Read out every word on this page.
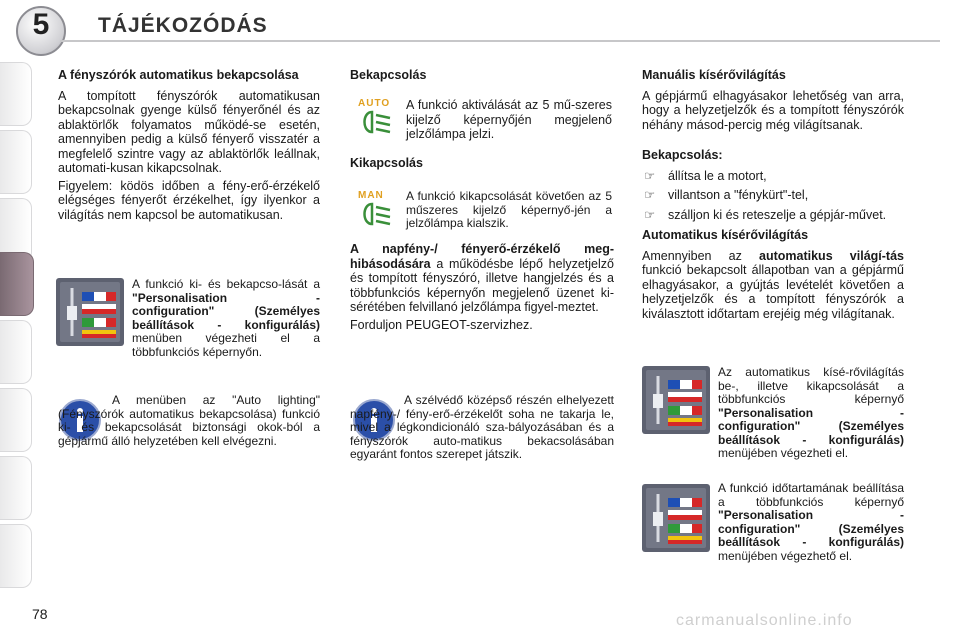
5	TÁJÉKOZÓDÁS
A fényszórók automatikus bekapcsolása

A tompított fényszórók automatikusan bekapcsolnak gyenge külső fényerőnél és az ablaktörlők folyamatos működé-se esetén, amennyiben pedig a külső fényerő visszatér a megfelelő szintre vagy az ablaktörlők leállnak, automati-kusan kikapcsolnak.

Figyelem: ködös időben a fény-erő-érzékelő elégséges fényerőt érzékelhet, így ilyenkor a világítás nem kapcsol be automatikusan.

A funkció ki- és bekapcso-lását a "Personalisation - configuration" (Személyes beállítások - konfigurálás) menüben végezheti el a többfunkciós képernyőn.
A menüben az "Auto lighting" (Fényszórók automatikus bekapcsolása) funkció ki- és bekapcsolását biztonsági okok-ból a gépjármű álló helyzetében kell elvégezni.
Bekapcsolás
AUTO	A funkció aktiválását az 5 mű-szeres kijelző képernyőjén megjelenő jelzőlámpa jelzi.
Kikapcsolás
MAN	A funkció kikapcsolását követően az 5 műszeres kijelző képernyő-jén a jelzőlámpa kialszik.

A napfény-/ fényerő-érzékelő meg-hibásodására a működésbe lépő helyzetjelző és tompított fényszóró, illetve hangjelzés és a többfunkciós képernyőn megjelenő üzenet ki-sérétében felvillanó jelzőlámpa figyel-meztet.

Forduljon PEUGEOT-szervizhez.

A szélvédő középső részén elhelyezett napfény-/ fény-erő-érzékelőt soha ne takarja le, mivel a légkondicionáló sza-bályozásában és a fényszórók auto-matikus bekacsolásában egyaránt fontos szerepet játszik.
Manuális kísérővilágítás

A gépjármű elhagyásakor lehetőség van arra, hogy a helyzetjelzők és a tompított fényszórók néhány másod-percig még világítsanak.

Bekapcsolás:
☞ állítsa le a motort,
☞ villantson a "fénykürt"-tel,
☞ szálljon ki és reteszelje a gépjár-művet.
Automatikus kísérővilágítás

Amennyiben az automatikus világí-tás funkció bekapcsolt állapotban van a gépjármű elhagyásakor, a gyújtás levételét követően a helyzetjelzők és a tompított fényszórók a kiválasztott időtartam erejéig még világítanak.

Az automatikus kísé-rővilágítás be-, illetve kikapcsolását a többfunkciós képernyő "Personalisation - configuration" (Személyes beállítások - konfigurálás) menüjében végezheti el.
A funkció időtartamának beállítása a többfunkciós képernyő "Personalisation - configuration" (Személyes beállítások - konfigurálás) menüjében végezhető el.
78	carmanualsonline.info
